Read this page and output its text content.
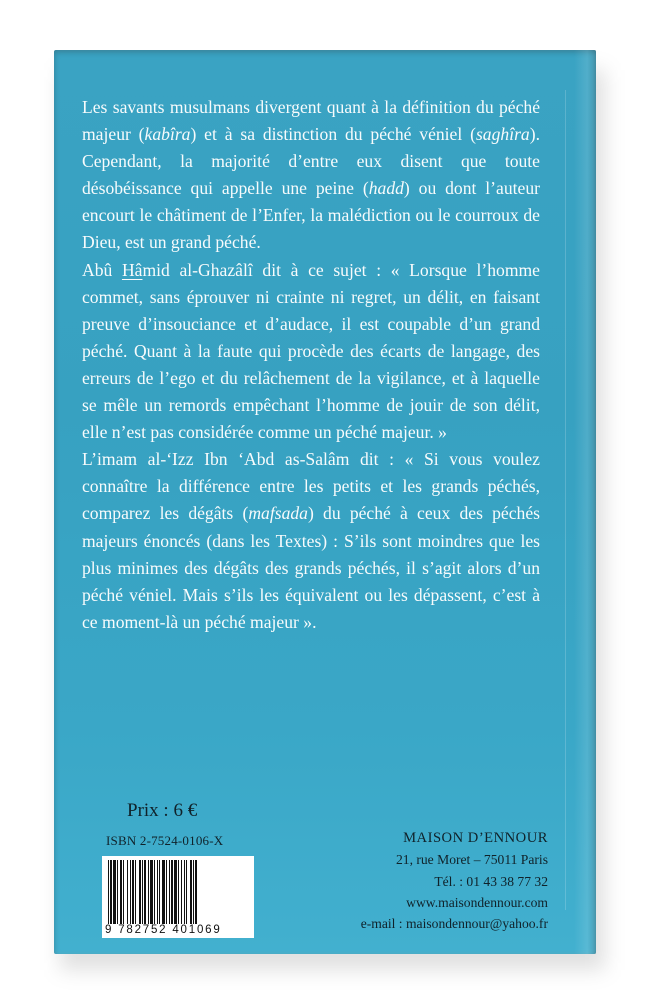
Les savants musulmans divergent quant à la définition du péché majeur (kabîra) et à sa distinction du péché véniel (saghîra). Cependant, la majorité d’entre eux disent que toute désobéissance qui appelle une peine (hadd) ou dont l’auteur encourt le châtiment de l’Enfer, la malédiction ou le courroux de Dieu, est un grand péché.

Abû Hâmid al-Ghazâlî dit à ce sujet : « Lorsque l’homme commet, sans éprouver ni crainte ni regret, un délit, en faisant preuve d’insouciance et d’audace, il est coupable d’un grand péché. Quant à la faute qui procède des écarts de langage, des erreurs de l’ego et du relâchement de la vigilance, et à laquelle se mêle un remords empêchant l’homme de jouir de son délit, elle n’est pas considérée comme un péché majeur. »

L’imam al-‘Izz Ibn ‘Abd as-Salâm dit : « Si vous voulez connaître la différence entre les petits et les grands péchés, comparez les dégâts (mafsada) du péché à ceux des péchés majeurs énoncés (dans les Textes) : S’ils sont moindres que les plus minimes des dégâts des grands péchés, il s’agit alors d’un péché véniel. Mais s’ils les équivalent ou les dépassent, c’est à ce moment-là un péché majeur ».

Prix : 6 €
ISBN 2-7524-0106-X
9 782752 401069
MAISON D’ENNOUR
21, rue Moret – 75011 Paris
Tél. : 01 43 38 77 32
www.maisondennour.com
e-mail : maisondennour@yahoo.fr
